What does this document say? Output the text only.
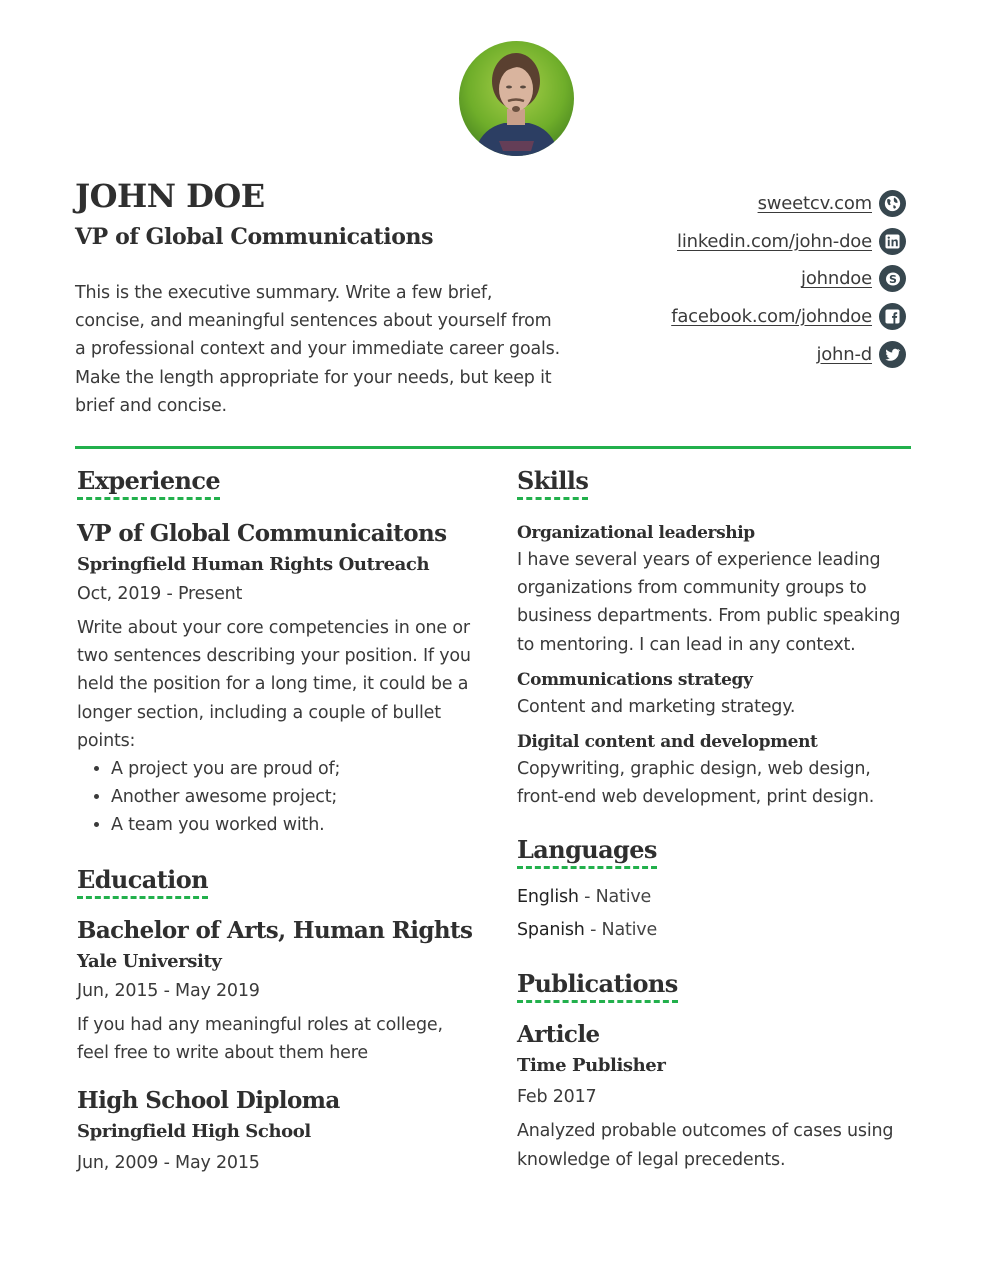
JOHN DOE
VP of Global Communications

This is the executive summary. Write a few brief, concise, and meaningful sentences about yourself from a professional context and your immediate career goals. Make the length appropriate for your needs, but keep it brief and concise.

sweetcv.com
linkedin.com/john-doe
johndoe S
facebook.com/johndoe
john-d
Experience

VP of Global Communicaitons

Springfield Human Rights Outreach

Oct, 2019 - Present

Write about your core competencies in one or two sentences describing your position. If you held the position for a long time, it could be a longer section, including a couple of bullet points:

• A project you are proud of;
• Another awesome project;
• A team you worked with.
Education

Bachelor of Arts, Human Rights

Yale University

Jun, 2015 - May 2019

If you had any meaningful roles at college, feel free to write about them here

High School Diploma

Springfield High School

Jun, 2009 - May 2015

Skills

Organizational leadership

I have several years of experience leading organizations from community groups to business departments. From public speaking to mentoring. I can lead in any context.

Communications strategy

Content and marketing strategy.

Digital content and development

Copywriting, graphic design, web design, front-end web development, print design.

Languages

English - Native

Spanish - Native

Publications

Article

Time Publisher

Feb 2017

Analyzed probable outcomes of cases using knowledge of legal precedents.
